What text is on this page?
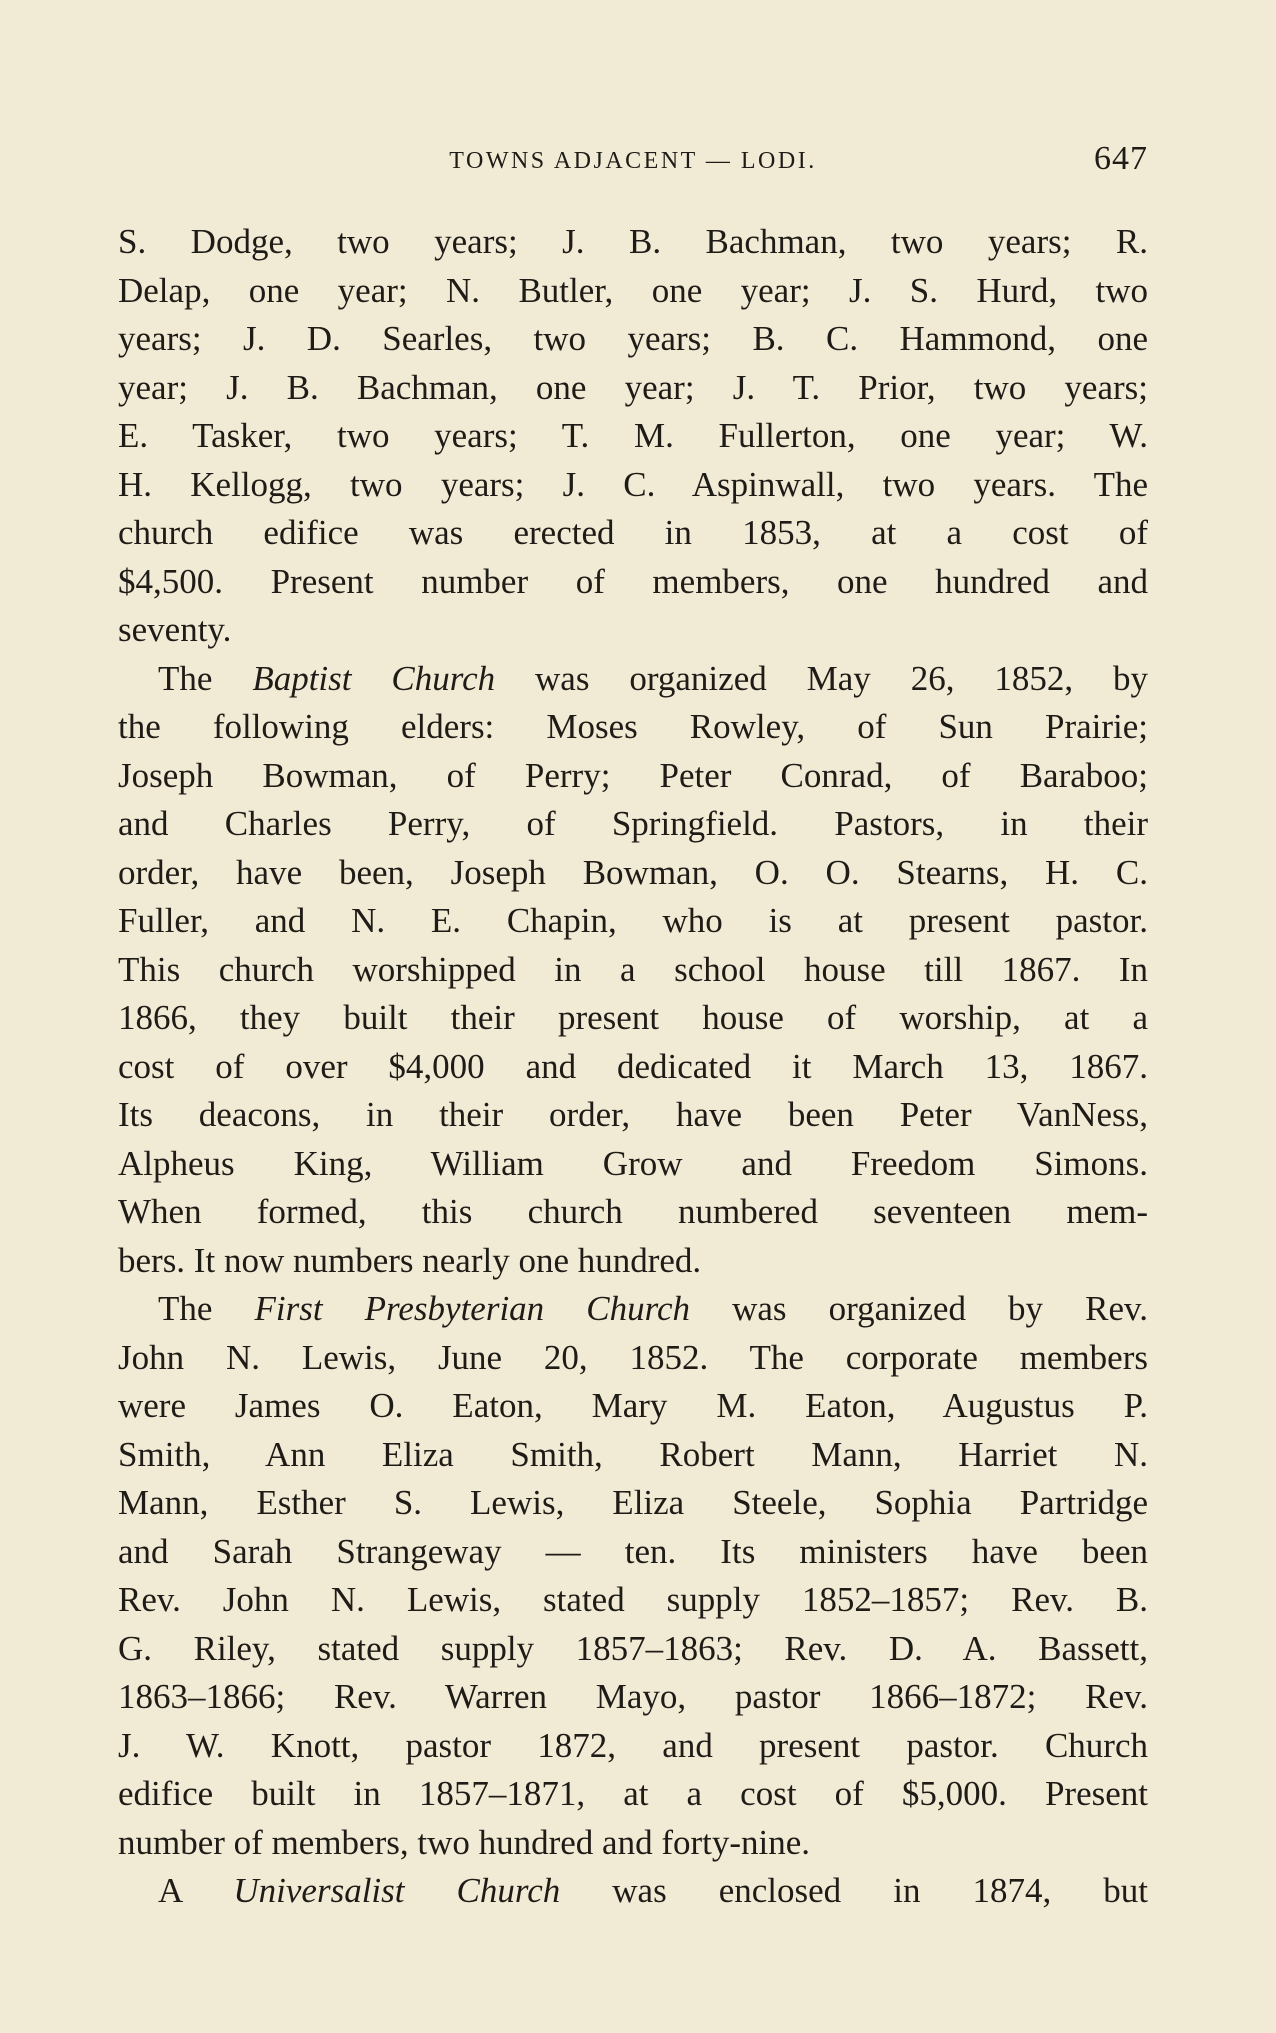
TOWNS ADJACENT — LODI.	647
S. Dodge, two years; J. B. Bachman, two years; R.
Delap, one year; N. Butler, one year; J. S. Hurd, two
years; J. D. Searles, two years; B. C. Hammond, one
year; J. B. Bachman, one year; J. T. Prior, two years;
E. Tasker, two years; T. M. Fullerton, one year; W.
H. Kellogg, two years; J. C. Aspinwall, two years. The
church edifice was erected in 1853, at a cost of
$4,500. Present number of members, one hundred and
seventy.
The Baptist Church was organized May 26, 1852, by
the following elders: Moses Rowley, of Sun Prairie;
Joseph Bowman, of Perry; Peter Conrad, of Baraboo;
and Charles Perry, of Springfield. Pastors, in their
order, have been, Joseph Bowman, O. O. Stearns, H. C.
Fuller, and N. E. Chapin, who is at present pastor.
This church worshipped in a school house till 1867. In
1866, they built their present house of worship, at a
cost of over $4,000 and dedicated it March 13, 1867.
Its deacons, in their order, have been Peter VanNess,
Alpheus King, William Grow and Freedom Simons.
When formed, this church numbered seventeen mem-
bers. It now numbers nearly one hundred.
The First Presbyterian Church was organized by Rev.
John N. Lewis, June 20, 1852. The corporate members
were James O. Eaton, Mary M. Eaton, Augustus P.
Smith, Ann Eliza Smith, Robert Mann, Harriet N.
Mann, Esther S. Lewis, Eliza Steele, Sophia Partridge
and Sarah Strangeway — ten. Its ministers have been
Rev. John N. Lewis, stated supply 1852–1857; Rev. B.
G. Riley, stated supply 1857–1863; Rev. D. A. Bassett,
1863–1866; Rev. Warren Mayo, pastor 1866–1872; Rev.
J. W. Knott, pastor 1872, and present pastor. Church
edifice built in 1857–1871, at a cost of $5,000. Present
number of members, two hundred and forty-nine.
A Universalist Church was enclosed in 1874, but
